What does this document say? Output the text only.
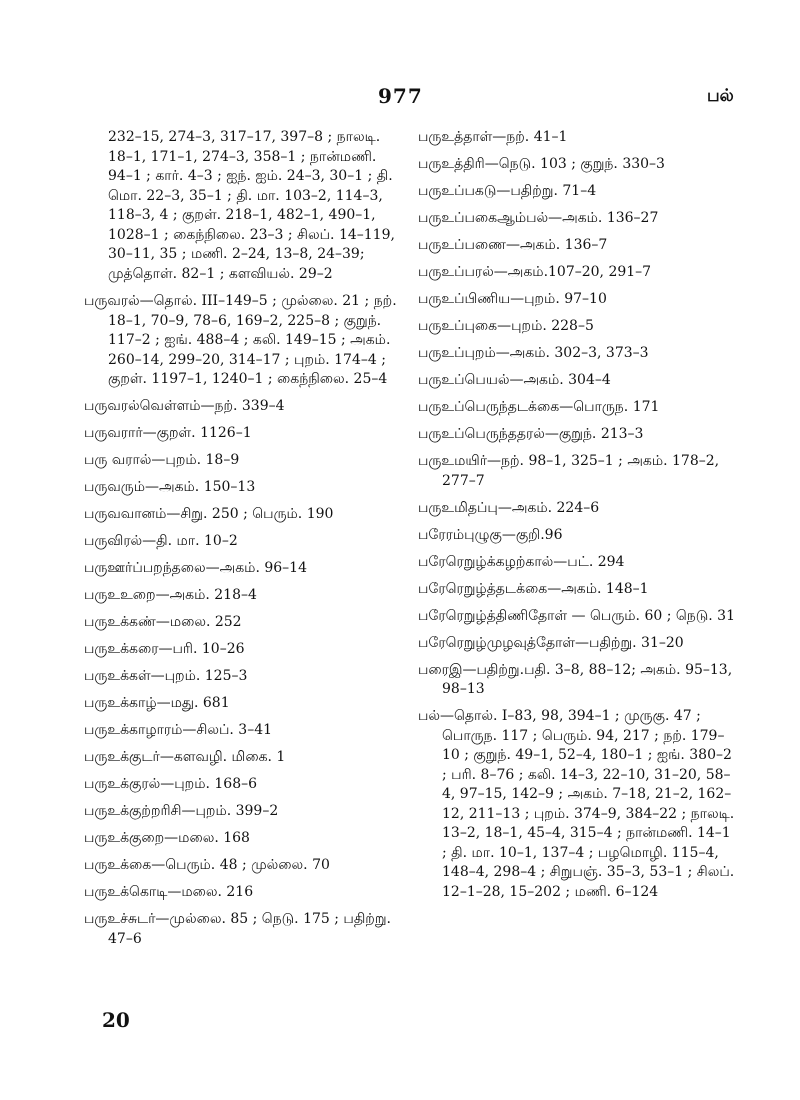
977	பல்
232–15, 274–3, 317–17, 397–8 ; நாலடி. 18–1, 171–1, 274–3, 358–1 ; நான்மணி. 94–1 ; கார். 4–3 ; ஐந். ஐம். 24–3, 30–1 ; தி. மொ. 22–3, 35–1 ; தி. மா. 103–2, 114–3, 118–3, 4 ; குறள். 218–1, 482–1, 490–1, 1028–1 ; கைந்நிலை. 23–3 ; சிலப். 14–119, 30–11, 35 ; மணி. 2–24, 13–8, 24–39; முத்தொள். 82–1 ; களவியல். 29–2
பருவரல்—தொல். III–149–5 ; முல்லை. 21 ; நற். 18–1, 70–9, 78–6, 169–2, 225–8 ; குறுந். 117–2 ; ஐங். 488–4 ; கலி. 149–15 ; அகம். 260–14, 299–20, 314–17 ; புறம். 174–4 ; குறள். 1197–1, 1240–1 ; கைந்நிலை. 25–4
பருவரல்வெள்ளம்—நற். 339–4
பருவரார்—குறள். 1126–1
பரு வரால்—புறம். 18–9
பருவரும்—அகம். 150–13
பருவவானம்—சிறு. 250 ; பெரும். 190
பருவிரல்—தி. மா. 10–2
பருஊர்ப்பறந்தலை—அகம். 96–14
பருஉஉறை—அகம். 218–4
பருஉக்கண்—மலை. 252
பருஉக்கரை—பரி. 10–26
பருஉக்கள்—புறம். 125–3
பருஉக்காழ்—மது. 681
பருஉக்காழாரம்—சிலப். 3–41
பருஉக்குடர்—களவழி. மிகை. 1
பருஉக்குரல்—புறம். 168–6
பருஉக்குற்றரிசி—புறம். 399–2
பருஉக்குறை—மலை. 168
பருஉக்கை—பெரும். 48 ; முல்லை. 70
பருஉக்கொடி—மலை. 216
பருஉச்சுடர்—முல்லை. 85 ; நெடு. 175 ; பதிற்று. 47–6
பருஉத்தாள்—நற். 41–1
பருஉத்திரி—நெடு. 103 ; குறுந். 330–3
பருஉப்பகடு—பதிற்று. 71–4
பருஉப்பகைஆம்பல்—அகம். 136–27
பருஉப்பணை—அகம். 136–7
பருஉப்பரல்—அகம்.107–20, 291–7
பருஉப்பிணிய—புறம். 97–10
பருஉப்புகை—புறம். 228–5
பருஉப்புறம்—அகம். 302–3, 373–3
பருஉப்பெயல்—அகம். 304–4
பருஉப்பெருந்தடக்கை—பொருந. 171
பருஉப்பெருந்ததரல்—குறுந். 213–3
பருஉமயிர்—நற். 98–1, 325–1 ; அகம். 178–2, 277–7
பருஉமிதப்பு—அகம். 224–6
பரேரம்புழுகு—குறி.96
பரேரெறுழ்க்கழற்கால்—பட். 294
பரேரெறுழ்த்தடக்கை—அகம். 148–1
பரேரெறுழ்த்திணிதோள் — பெரும். 60 ; நெடு. 31
பரேரெறுழ்முழவுத்தோள்—பதிற்று. 31–20
பரைஇ—பதிற்று.பதி. 3–8, 88–12; அகம். 95–13, 98–13
பல்—தொல். I–83, 98, 394–1 ; முருகு. 47 ; பொருந. 117 ; பெரும். 94, 217 ; நற். 179–10 ; குறுந். 49–1, 52–4, 180–1 ; ஐங். 380–2 ; பரி. 8–76 ; கலி. 14–3, 22–10, 31–20, 58–4, 97–15, 142–9 ; அகம். 7–18, 21–2, 162–12, 211–13 ; புறம். 374–9, 384–22 ; நாலடி. 13–2, 18–1, 45–4, 315–4 ; நான்மணி. 14–1 ; தி. மா. 10–1, 137–4 ; பழமொழி. 115–4, 148–4, 298–4 ; சிறுபஞ். 35–3, 53–1 ; சிலப். 12–1–28, 15–202 ; மணி. 6–124
20
